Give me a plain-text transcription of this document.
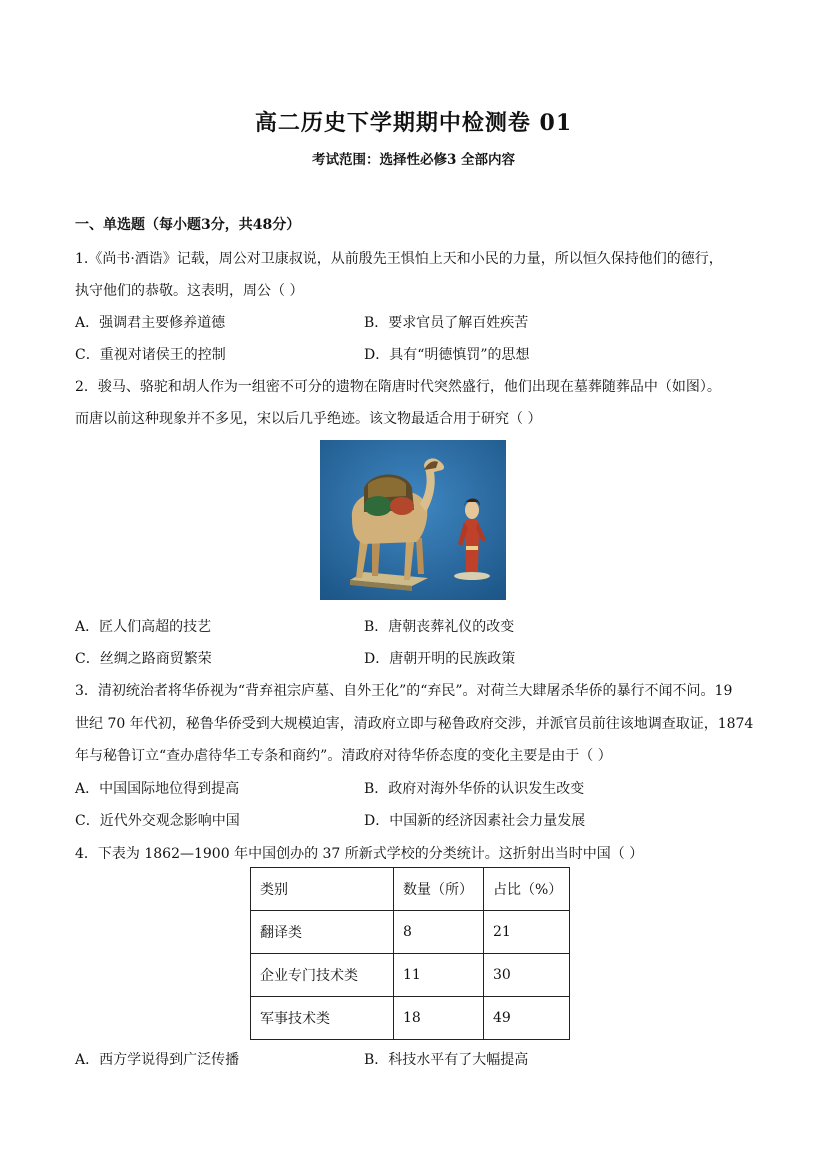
高二历史下学期期中检测卷 01
考试范围：选择性必修3 全部内容
一、单选题（每小题3分，共48分）
1.《尚书·酒诰》记载，周公对卫康叔说，从前殷先王惧怕上天和小民的力量，所以恒久保持他们的德行，
执守他们的恭敬。这表明，周公（ ）
A．强调君主要修养道德	B．要求官员了解百姓疾苦
C．重视对诸侯王的控制	D．具有“明德慎罚”的思想
2．骏马、骆驼和胡人作为一组密不可分的遗物在隋唐时代突然盛行，他们出现在墓葬随葬品中（如图）。
而唐以前这种现象并不多见，宋以后几乎绝迹。该文物最适合用于研究（ ）
A．匠人们高超的技艺	B．唐朝丧葬礼仪的改变
C．丝绸之路商贸繁荣	D．唐朝开明的民族政策
3．清初统治者将华侨视为“背弃祖宗庐墓、自外王化”的“弃民”。对荷兰大肆屠杀华侨的暴行不闻不问。19
世纪 70 年代初，秘鲁华侨受到大规模迫害，清政府立即与秘鲁政府交涉，并派官员前往该地调查取证，1874
年与秘鲁订立“查办虐待华工专条和商约”。清政府对待华侨态度的变化主要是由于（ ）
A．中国国际地位得到提高	B．政府对海外华侨的认识发生改变
C．近代外交观念影响中国	D．中国新的经济因素社会力量发展
4．下表为 1862—1900 年中国创办的 37 所新式学校的分类统计。这折射出当时中国（ ）
类别	数量（所）	占比（%）
翻译类	8	21
企业专门技术类	11	30
军事技术类	18	49
A．西方学说得到广泛传播	B．科技水平有了大幅提高
